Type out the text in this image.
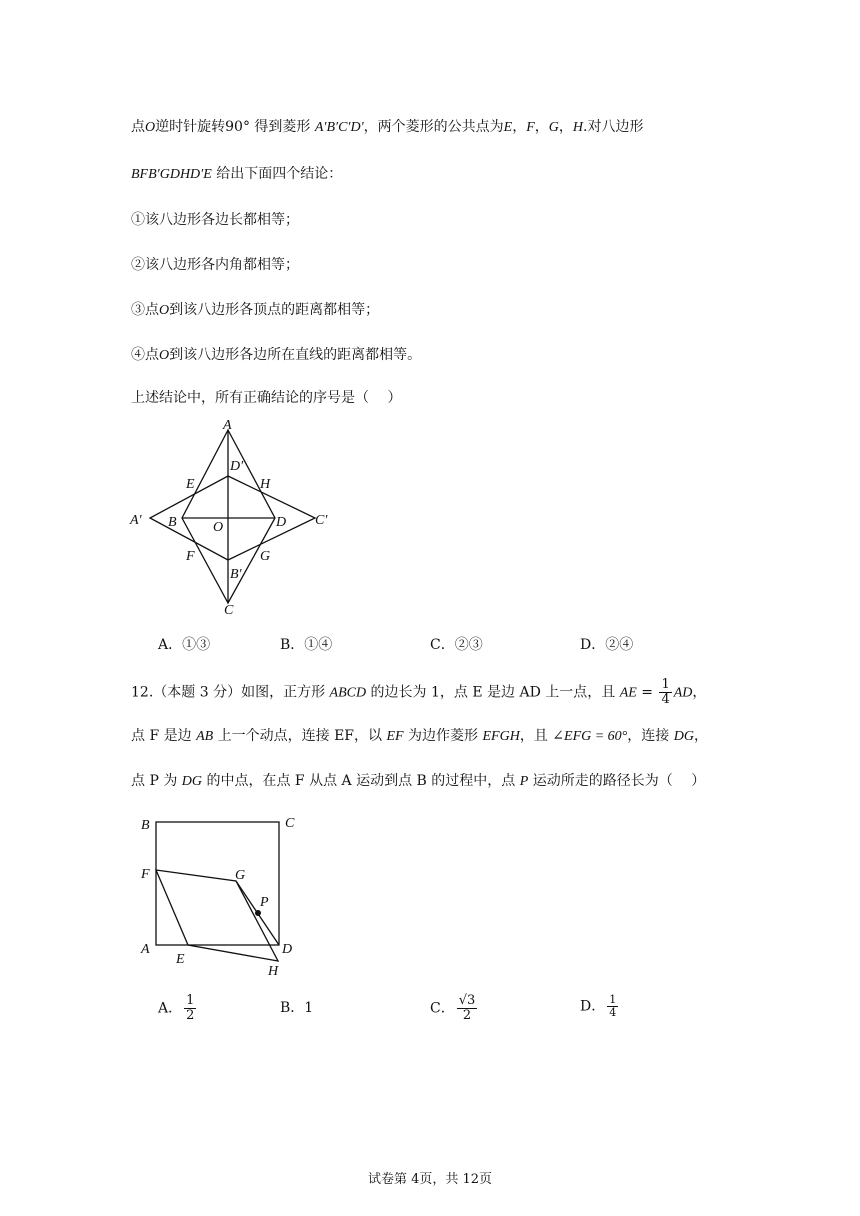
点O逆时针旋转90° 得到菱形 A′B′C′D′，两个菱形的公共点为E，F，G，H.对八边形
BFB′GDHD′E 给出下面四个结论：
①该八边形各边长都相等；
②该八边形各内角都相等；
③点O到该八边形各顶点的距离都相等；
④点O到该八边形各边所在直线的距离都相等。
上述结论中，所有正确结论的序号是（　 ）
A
D′
E	H
A′ B	O	D C′
F	G
B′
C
A．①③	B．①④	C．②③	D．②④
12.（本题 3 分）如图，正方形 ABCD 的边长为 1，点 E 是边 AD 上一点，且 AE = $\frac{1}{4}$ AD，
点 F 是边 AB 上一个动点，连接 EF，以 EF 为边作菱形 EFGH，且 ∠EFG = 60°，连接 DG，
点 P 为 DG 的中点，在点 F 从点 A 运动到点 B 的过程中，点 P 运动所走的路径长为（　 ）
B	C
F	G
P
A
E
D
H
A． $\frac{1}{2}$	B．1	C． $\frac{√3}{2}$	D． $\frac{1}{4}$
试卷第 4页，共 12页
